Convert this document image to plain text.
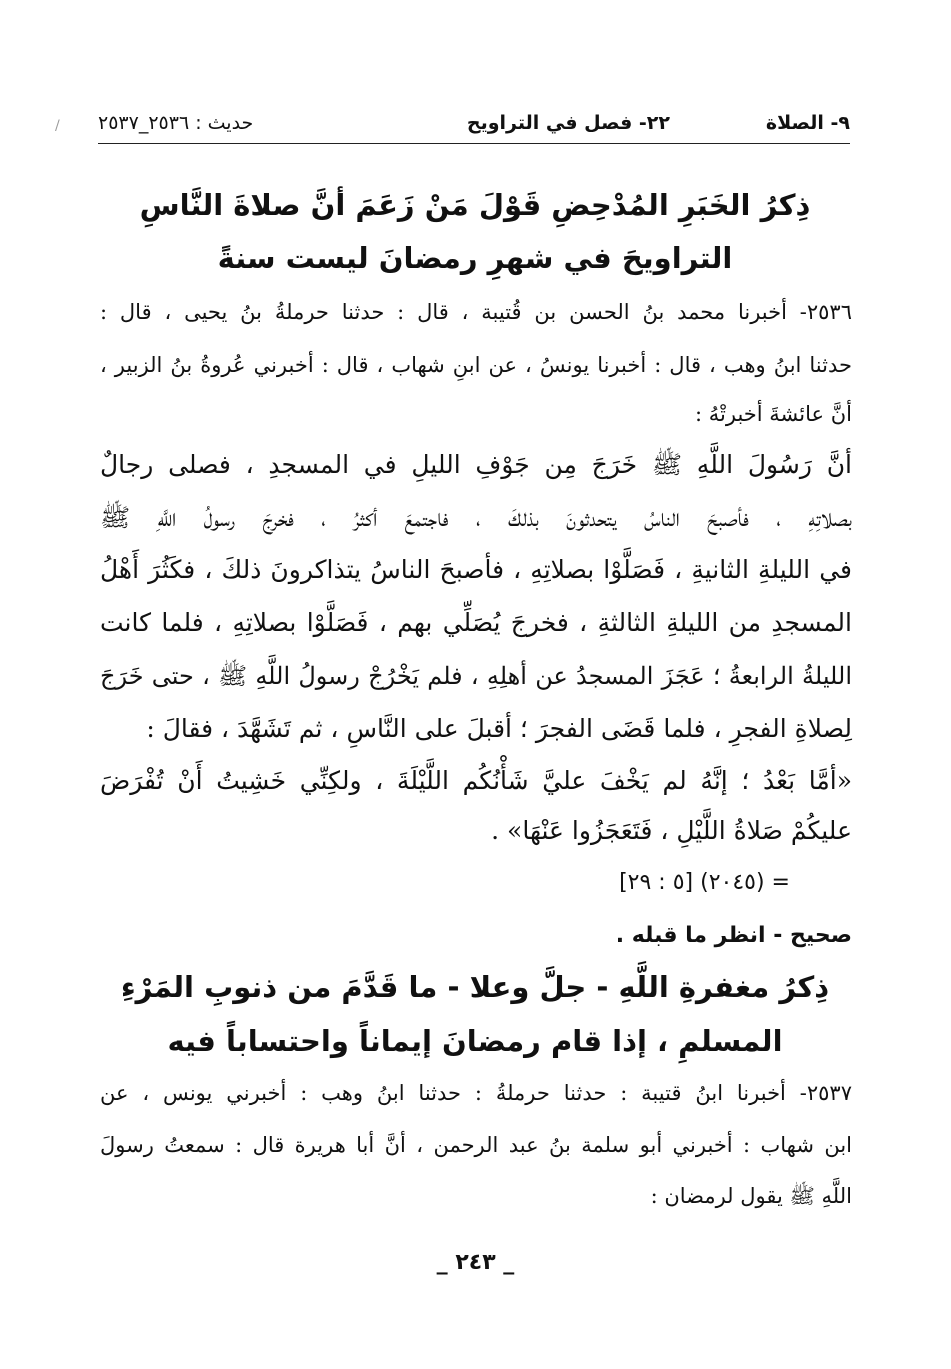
/	٩- الصلاة
٢٢- فصل في التراويح
حديث : ٢٥٣٦_٢٥٣٧
ذِكرُ الخَبَرِ المُدْحِضِ قَوْلَ مَنْ زَعَمَ أنَّ صلاةَ النَّاسِ
التراويحَ في شهرِ رمضانَ ليست سنةً
٢٥٣٦- أخبرنا محمد بنُ الحسن بن قُتيبة ، قال : حدثنا حرملةُ بنُ يحيى ، قال :
حدثنا ابنُ وهب ، قال : أخبرنا يونسُ ، عن ابنِ شهاب ، قال : أخبرني عُروةُ بنُ الزبير ،
أنَّ عائشةَ أخبرتْهُ :
أنَّ رَسُولَ اللَّهِ ﷺ خَرَجَ مِن جَوْفِ الليلِ في المسجدِ ، فصلى رجالٌ
بصلاتِهِ ، فأصبحَ الناسُ يتحدثونَ بذلكَ ، فاجتمعَ أكثرُ ، فخرجَ رسولُ اللَّهِ ﷺ
في الليلةِ الثانيةِ ، فَصَلَّوْا بصلاتِهِ ، فأصبحَ الناسُ يتذاكرونَ ذلكَ ، فكَثُرَ أَهْلُ
المسجدِ من الليلةِ الثالثةِ ، فخرجَ يُصَلِّي بهم ، فَصَلَّوْا بصلاتِهِ ، فلما كانت
الليلةُ الرابعةُ ؛ عَجَزَ المسجدُ عن أهلِهِ ، فلم يَخْرُجْ رسولُ اللَّهِ ﷺ ، حتى خَرَجَ
لِصلاةِ الفجرِ ، فلما قَضَى الفجرَ ؛ أقبلَ على النَّاسِ ، ثم تَشَهَّدَ ، فقالَ :
«أمَّا بَعْدُ ؛ إنَّهُ لم يَخْفَ عليَّ شَأْنُكُم اللَّيْلَةَ ، ولكِنِّي خَشِيتُ أَنْ تُفْرَضَ
عليكُمْ صَلاةُ اللَّيْلِ ، فَتَعَجَزُوا عَنْهَا» .
= (٢٠٤٥) [٥ : ٢٩]
صحيح - انظر ما قبله .
ذِكرُ مغفرةِ اللَّهِ - جلَّ وعلا - ما قَدَّمَ من ذنوبِ المَرْءِ
المسلمِ ، إذا قام رمضانَ إيماناً واحتساباً فيه
٢٥٣٧- أخبرنا ابنُ قتيبة : حدثنا حرملةُ : حدثنا ابنُ وهب : أخبرني يونس ، عن
ابن شهاب : أخبرني أبو سلمة بنُ عبد الرحمن ، أنَّ أبا هريرة قال : سمعتُ رسولَ
اللَّهِ ﷺ يقول لرمضان :
_ ٢٤٣ _
